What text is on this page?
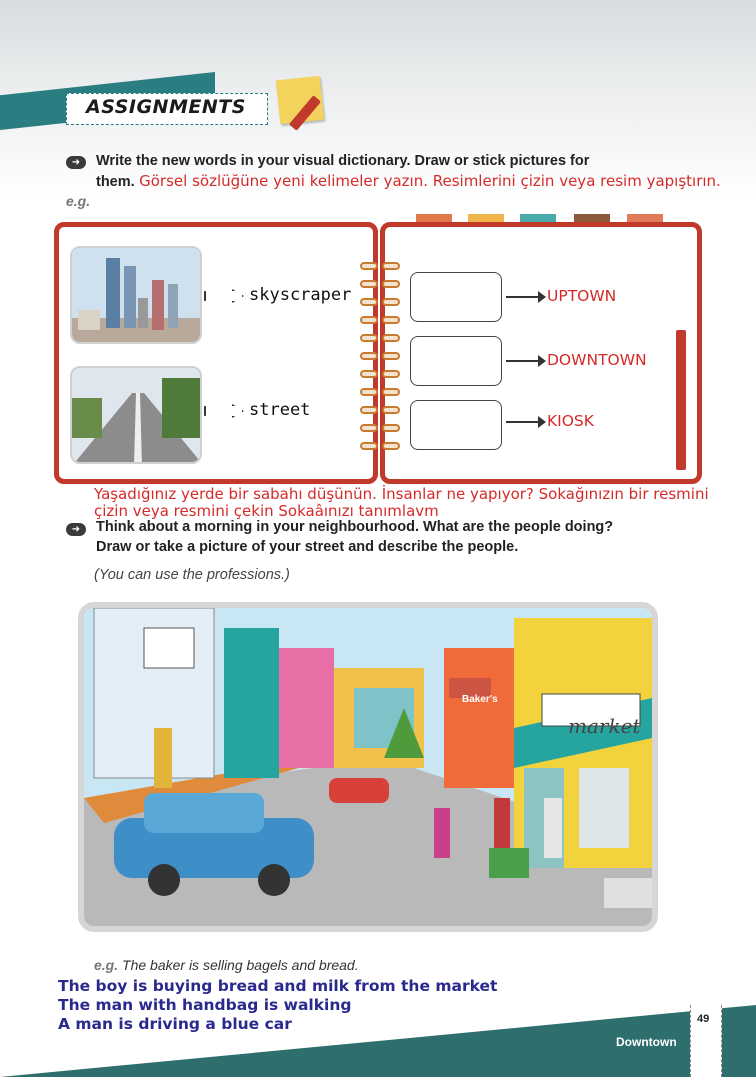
ASSIGNMENTS
➜	Write the new words in your visual dictionary. Draw or stick pictures for
them. Görsel sözlüğüne yeni kelimeler yazın. Resimlerini çizin veya resim yapıştırın.
e.g.
skyscraper
street
UPTOWN
DOWNTOWN
KIOSK
Yaşadığınız yerde bir sabahı düşünün. İnsanlar ne yapıyor? Sokağınızın bir resmini
çizin veya resmini çekin Sokaâınızı tanımlavm
➜	Think about a morning in your neighbourhood. What are the people doing?
Draw or take a picture of your street and describe the people.
(You can use the professions.)
Baker's
market
e.g. The baker is selling bagels and bread.
The boy is buying bread and milk from the market
The man with handbag is walking
A man is driving a blue car	49
Downtown
